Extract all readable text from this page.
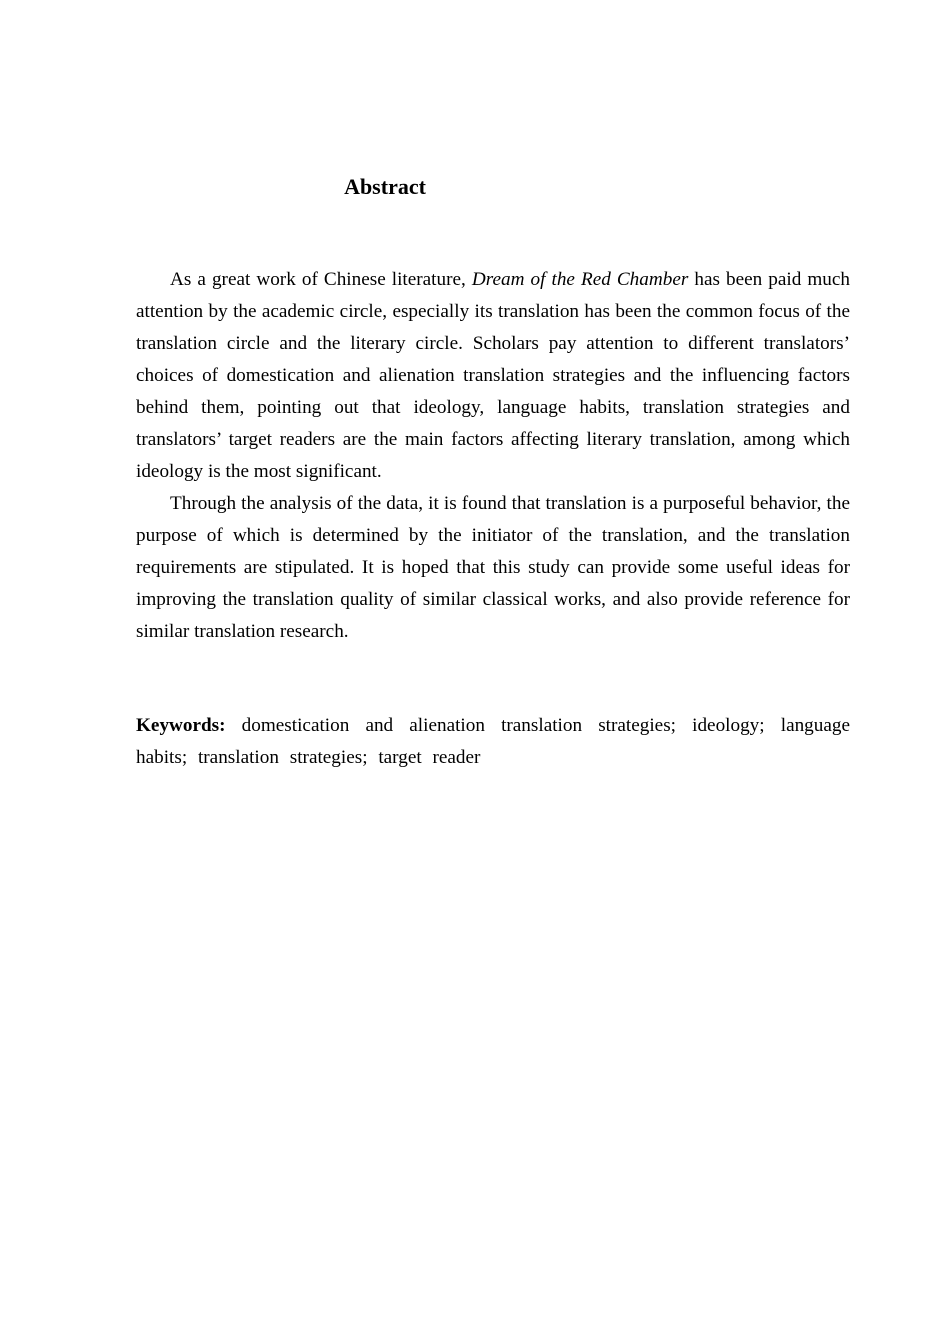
Abstract

As a great work of Chinese literature, Dream of the Red Chamber has been paid much attention by the academic circle, especially its translation has been the common focus of the translation circle and the literary circle. Scholars pay attention to different translators’ choices of domestication and alienation translation strategies and the influencing factors behind them, pointing out that ideology, language habits, translation strategies and translators’ target readers are the main factors affecting literary translation, among which ideology is the most significant.

Through the analysis of the data, it is found that translation is a purposeful behavior, the purpose of which is determined by the initiator of the translation, and the translation requirements are stipulated. It is hoped that this study can provide some useful ideas for improving the translation quality of similar classical works, and also provide reference for similar translation research.

Keywords: domestication and alienation translation strategies; ideology; language habits; translation strategies; target reader
